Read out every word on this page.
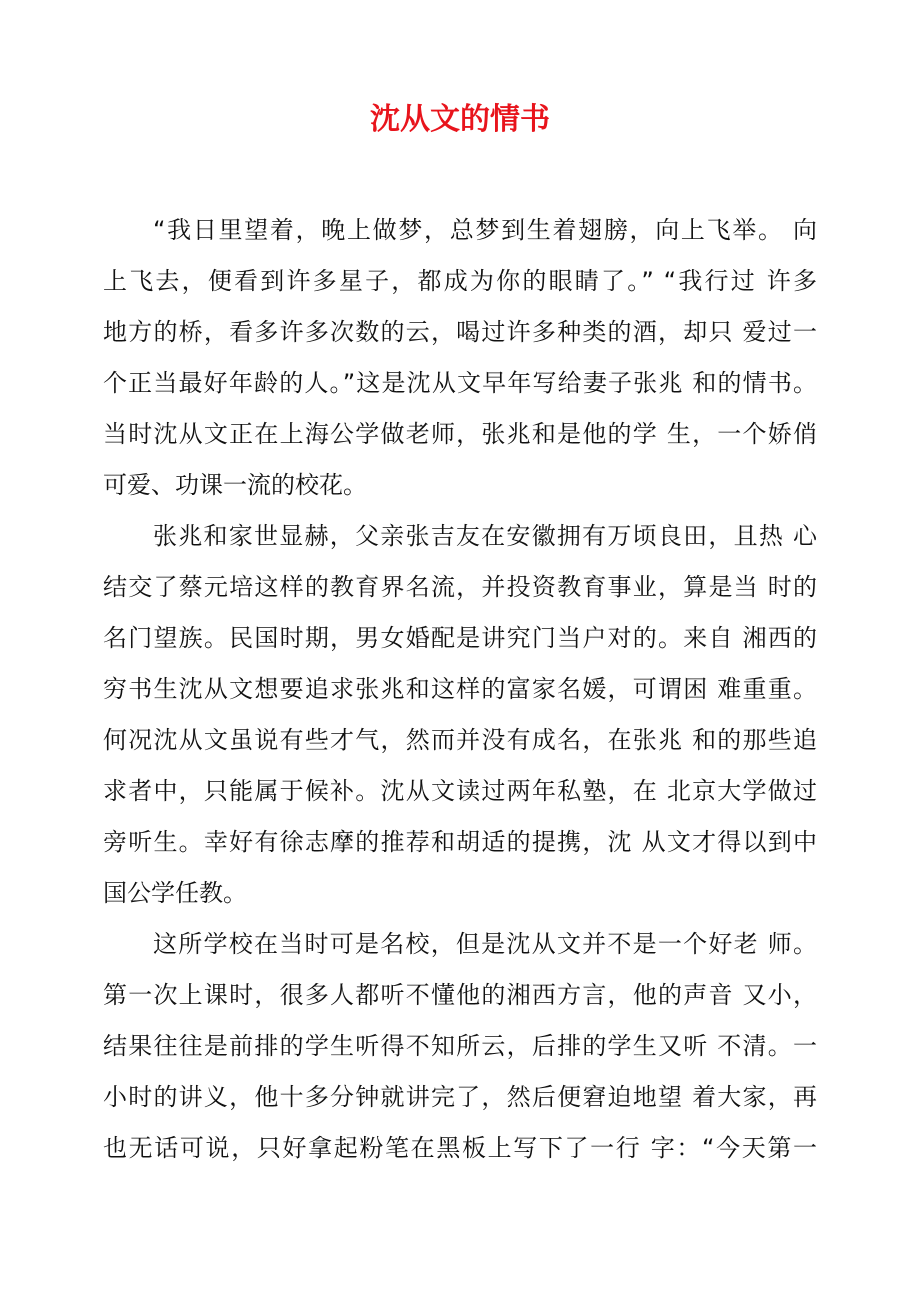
沈从文的情书
“我日里望着，晚上做梦，总梦到生着翅膀，向上飞举。 向
上飞去，便看到许多星子，都成为你的眼睛了。” “我行过 许多
地方的桥，看多许多次数的云，喝过许多种类的酒，却只 爱过一
个正当最好年龄的人。”这是沈从文早年写给妻子张兆 和的情书。
当时沈从文正在上海公学做老师，张兆和是他的学 生，一个娇俏
可爱、功课一流的校花。
张兆和家世显赫，父亲张吉友在安徽拥有万顷良田，且热 心
结交了蔡元培这样的教育界名流，并投资教育事业，算是当 时的
名门望族。民国时期，男女婚配是讲究门当户对的。来自 湘西的
穷书生沈从文想要追求张兆和这样的富家名媛，可谓困 难重重。
何况沈从文虽说有些才气，然而并没有成名，在张兆 和的那些追
求者中，只能属于候补。沈从文读过两年私塾，在 北京大学做过
旁听生。幸好有徐志摩的推荐和胡适的提携，沈 从文才得以到中
国公学任教。
这所学校在当时可是名校，但是沈从文并不是一个好老 师。
第一次上课时，很多人都听不懂他的湘西方言，他的声音 又小，
结果往往是前排的学生听得不知所云，后排的学生又听 不清。一
小时的讲义，他十多分钟就讲完了，然后便窘迫地望 着大家，再
也无话可说，只好拿起粉笔在黑板上写下了一行 字：“今天第一
